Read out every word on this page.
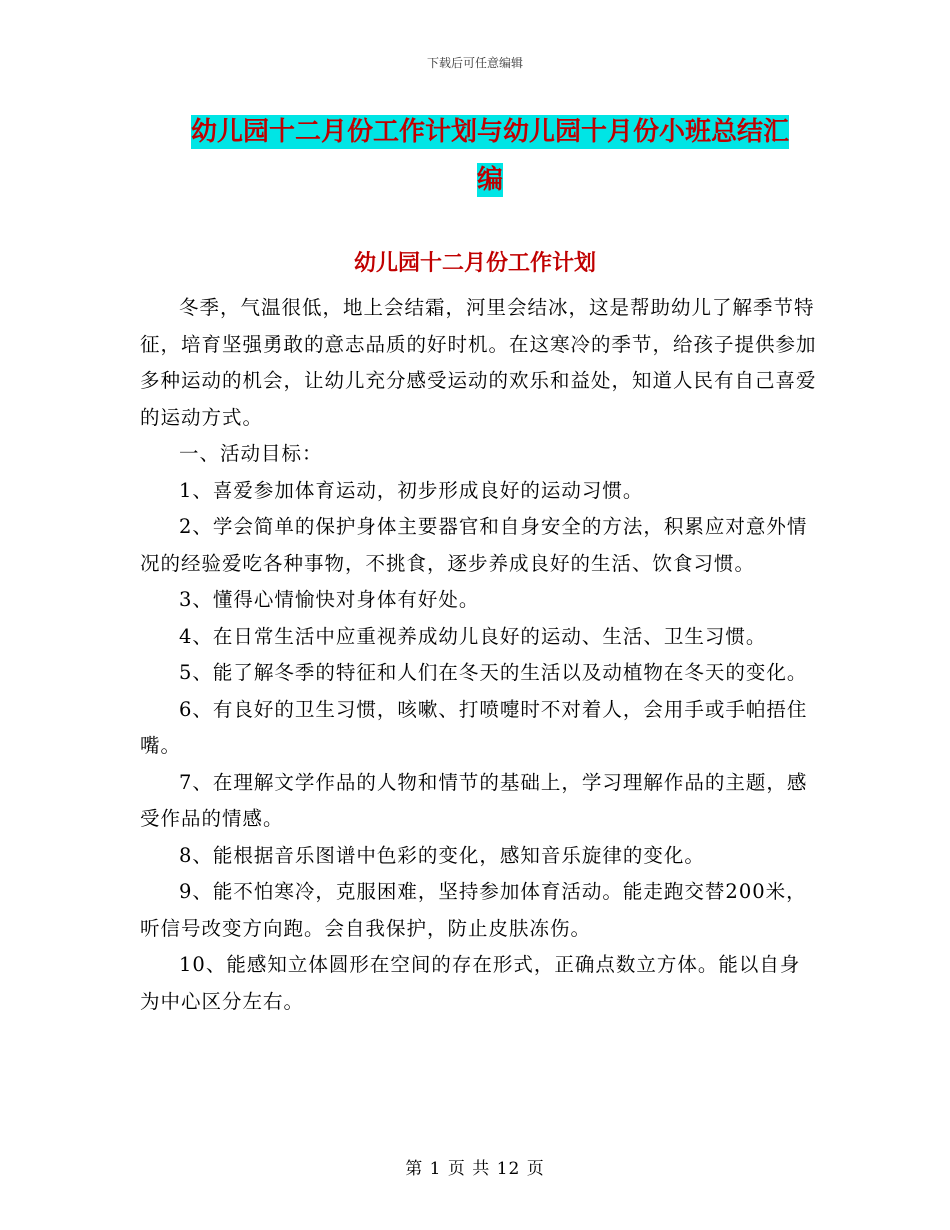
下载后可任意编辑
幼儿园十二月份工作计划与幼儿园十月份小班总结汇
编
幼儿园十二月份工作计划

冬季，气温很低，地上会结霜，河里会结冰，这是帮助幼儿了解季节特征，培育坚强勇敢的意志品质的好时机。在这寒冷的季节，给孩子提供参加多种运动的机会，让幼儿充分感受运动的欢乐和益处，知道人民有自己喜爱的运动方式。

一、活动目标：

1、喜爱参加体育运动，初步形成良好的运动习惯。

2、学会简单的保护身体主要器官和自身安全的方法，积累应对意外情况的经验爱吃各种事物，不挑食，逐步养成良好的生活、饮食习惯。

3、懂得心情愉快对身体有好处。

4、在日常生活中应重视养成幼儿良好的运动、生活、卫生习惯。

5、能了解冬季的特征和人们在冬天的生活以及动植物在冬天的变化。

6、有良好的卫生习惯，咳嗽、打喷嚏时不对着人，会用手或手帕捂住嘴。

7、在理解文学作品的人物和情节的基础上，学习理解作品的主题，感受作品的情感。

8、能根据音乐图谱中色彩的变化，感知音乐旋律的变化。

9、能不怕寒冷，克服困难，坚持参加体育活动。能走跑交替200米，听信号改变方向跑。会自我保护，防止皮肤冻伤。

10、能感知立体圆形在空间的存在形式，正确点数立方体。能以自身为中心区分左右。

第 1 页 共 12 页
